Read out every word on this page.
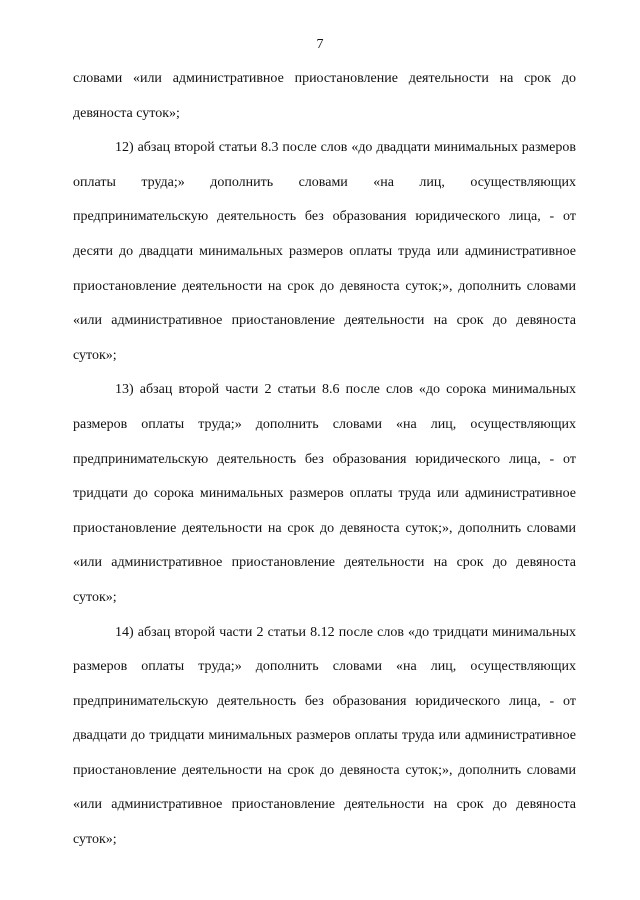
7

словами «или административное приостановление деятельности на срок до девяноста суток»;

12) абзац второй статьи 8.3 после слов «до двадцати минимальных размеров оплаты труда;» дополнить словами «на лиц, осуществляющих предпринимательскую деятельность без образования юридического лица, - от десяти до двадцати минимальных размеров оплаты труда или административное приостановление деятельности на срок до девяноста суток;», дополнить словами «или административное приостановление деятельности на срок до девяноста суток»;

13) абзац второй части 2 статьи 8.6 после слов «до сорока минимальных размеров оплаты труда;» дополнить словами «на лиц, осуществляющих предпринимательскую деятельность без образования юридического лица, - от тридцати до сорока минимальных размеров оплаты труда или административное приостановление деятельности на срок до девяноста суток;», дополнить словами «или административное приостановление деятельности на срок до девяноста суток»;

14) абзац второй части 2 статьи 8.12 после слов «до тридцати минимальных размеров оплаты труда;» дополнить словами «на лиц, осуществляющих предпринимательскую деятельность без образования юридического лица, - от двадцати до тридцати минимальных размеров оплаты труда или административное приостановление деятельности на срок до девяноста суток;», дополнить словами «или административное приостановление деятельности на срок до девяноста суток»;
